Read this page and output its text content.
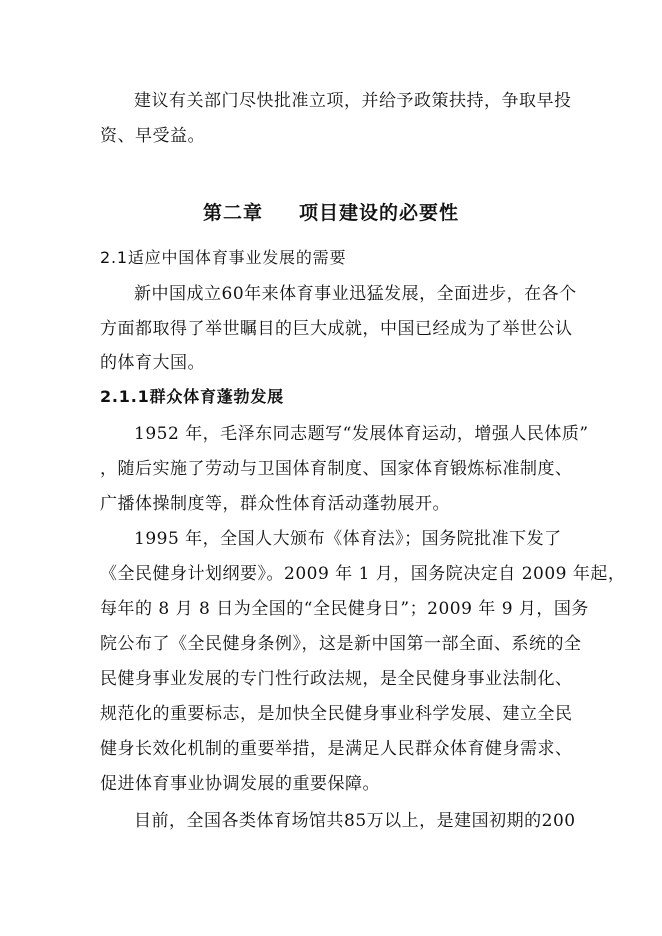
建议有关部门尽快批准立项，并给予政策扶持，争取早投
资、早受益。
第二章 项目建设的必要性
2.1适应中国体育事业发展的需要
新中国成立60年来体育事业迅猛发展，全面进步，在各个
方面都取得了举世瞩目的巨大成就，中国已经成为了举世公认
的体育大国。
2.1.1群众体育蓬勃发展
1952 年，毛泽东同志题写“发展体育运动，增强人民体质”
，随后实施了劳动与卫国体育制度、国家体育锻炼标准制度、
广播体操制度等，群众性体育活动蓬勃展开。
1995 年，全国人大颁布《体育法》；国务院批准下发了
《全民健身计划纲要》。2009 年 1 月，国务院决定自 2009 年起，
每年的 8 月 8 日为全国的“全民健身日”；2009 年 9 月，国务
院公布了《全民健身条例》，这是新中国第一部全面、系统的全
民健身事业发展的专门性行政法规，是全民健身事业法制化、
规范化的重要标志，是加快全民健身事业科学发展、建立全民
健身长效化机制的重要举措，是满足人民群众体育健身需求、
促进体育事业协调发展的重要保障。
目前，全国各类体育场馆共85万以上，是建国初期的200
